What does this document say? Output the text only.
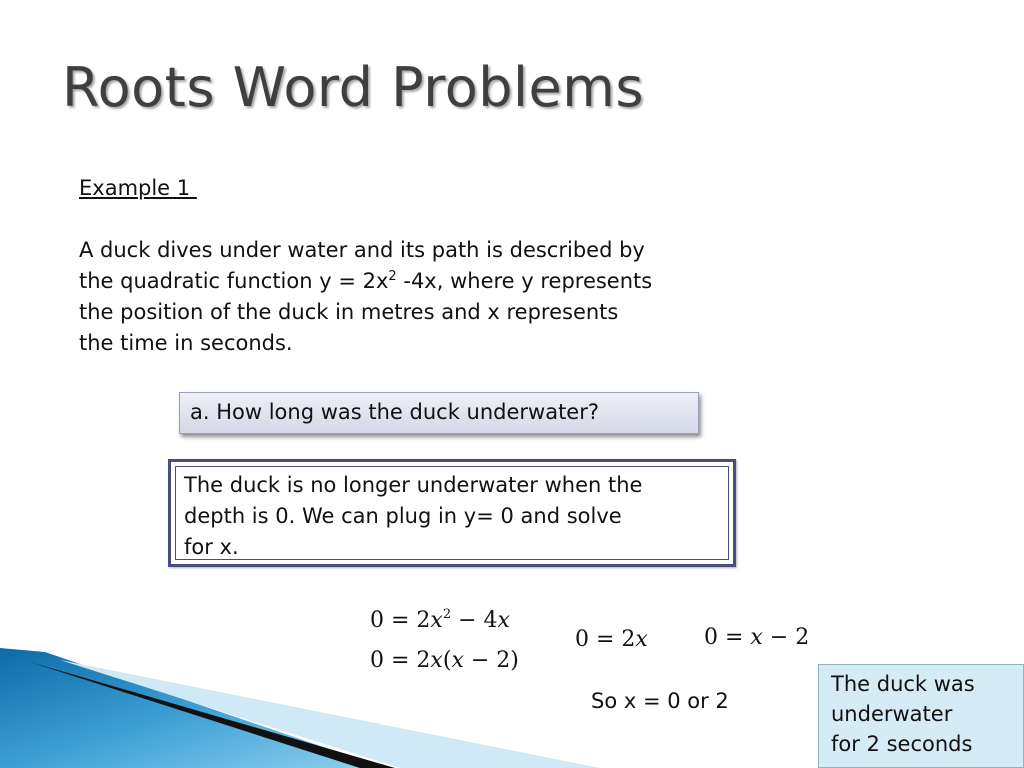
Roots Word Problems
Example 1
A duck dives under water and its path is described by
the quadratic function $y = 2x^2$ -4x, where y represents
the position of the duck in metres and x represents
the time in seconds.
a. How long was the duck underwater?
The duck is no longer underwater when the
depth is 0. We can plug in y= 0 and solve
for x.
$0 = 2x^2 - 4x$
0 = 2x(x − 2)
0 = 2x	0 = x − 2
So x = 0 or 2
The duck was
underwater
for 2 seconds
